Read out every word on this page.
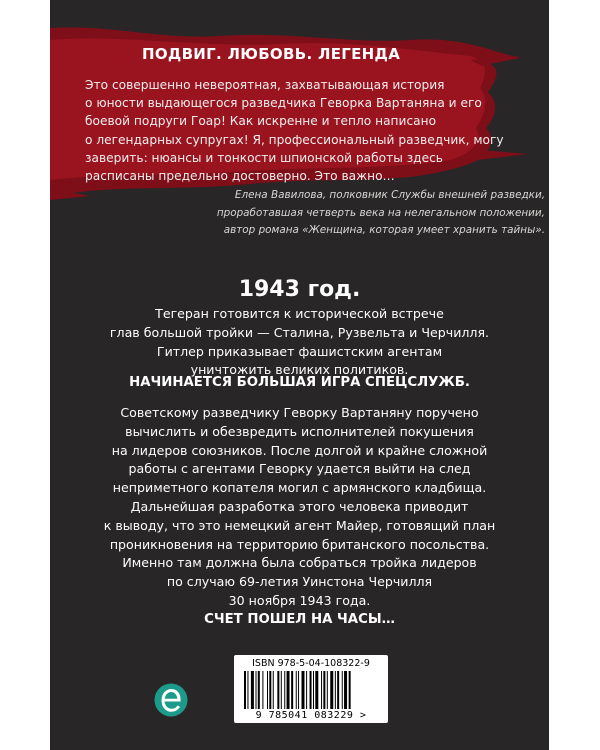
ПОДВИГ. ЛЮБОВЬ. ЛЕГЕНДА
Это совершенно невероятная, захватывающая история
о юности выдающегося разведчика Геворка Вартаняна и его
боевой подруги Гоар! Как искренне и тепло написано
о легендарных супругах! Я, профессиональный разведчик, могу
заверить: нюансы и тонкости шпионской работы здесь
расписаны предельно достоверно. Это важно…
Елена Вавилова, полковник Службы внешней разведки,
проработавшая четверть века на нелегальном положении,
автор романа «Женщина, которая умеет хранить тайны».
1943 год.
Тегеран готовится к исторической встрече
глав большой тройки — Сталина, Рузвельта и Черчилля.
Гитлер приказывает фашистским агентам
уничтожить великих политиков.
НАЧИНАЕТСЯ БОЛЬШАЯ ИГРА СПЕЦСЛУЖБ.
Советскому разведчику Геворку Вартаняну поручено
вычислить и обезвредить исполнителей покушения
на лидеров союзников. После долгой и крайне сложной
работы с агентами Геворку удается выйти на след
неприметного копателя могил с армянского кладбища.
Дальнейшая разработка этого человека приводит
к выводу, что это немецкий агент Майер, готовящий план
проникновения на территорию британского посольства.
Именно там должна была собраться тройка лидеров
по случаю 69-летия Уинстона Черчилля
30 ноября 1943 года.
СЧЕТ ПОШЕЛ НА ЧАСЫ…
ISBN 978-5-04-108322-9
9 785041 083229 >
